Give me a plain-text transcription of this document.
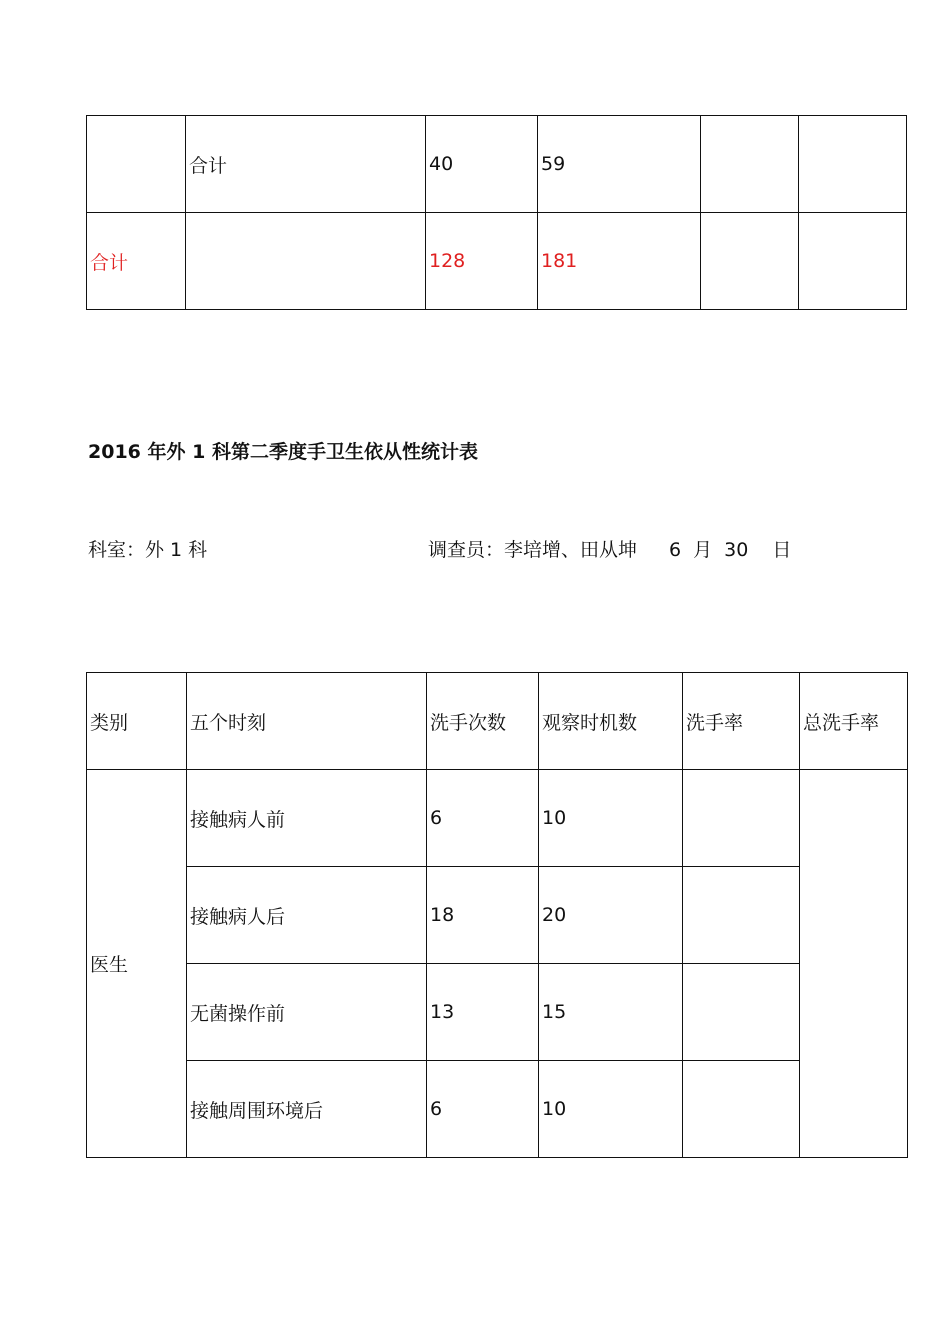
	合计	40	59		
合计		128	181		
2016 年外 1 科第二季度手卫生依从性统计表
科室：外 1 科	调查员：李培增、田从坤 6 月 30 日
类别	五个时刻	洗手次数	观察时机数	洗手率	总洗手率
医生	接触病人前	6	10		
	接触病人后	18	20		
	无菌操作前	13	15		
	接触周围环境后	6	10		
